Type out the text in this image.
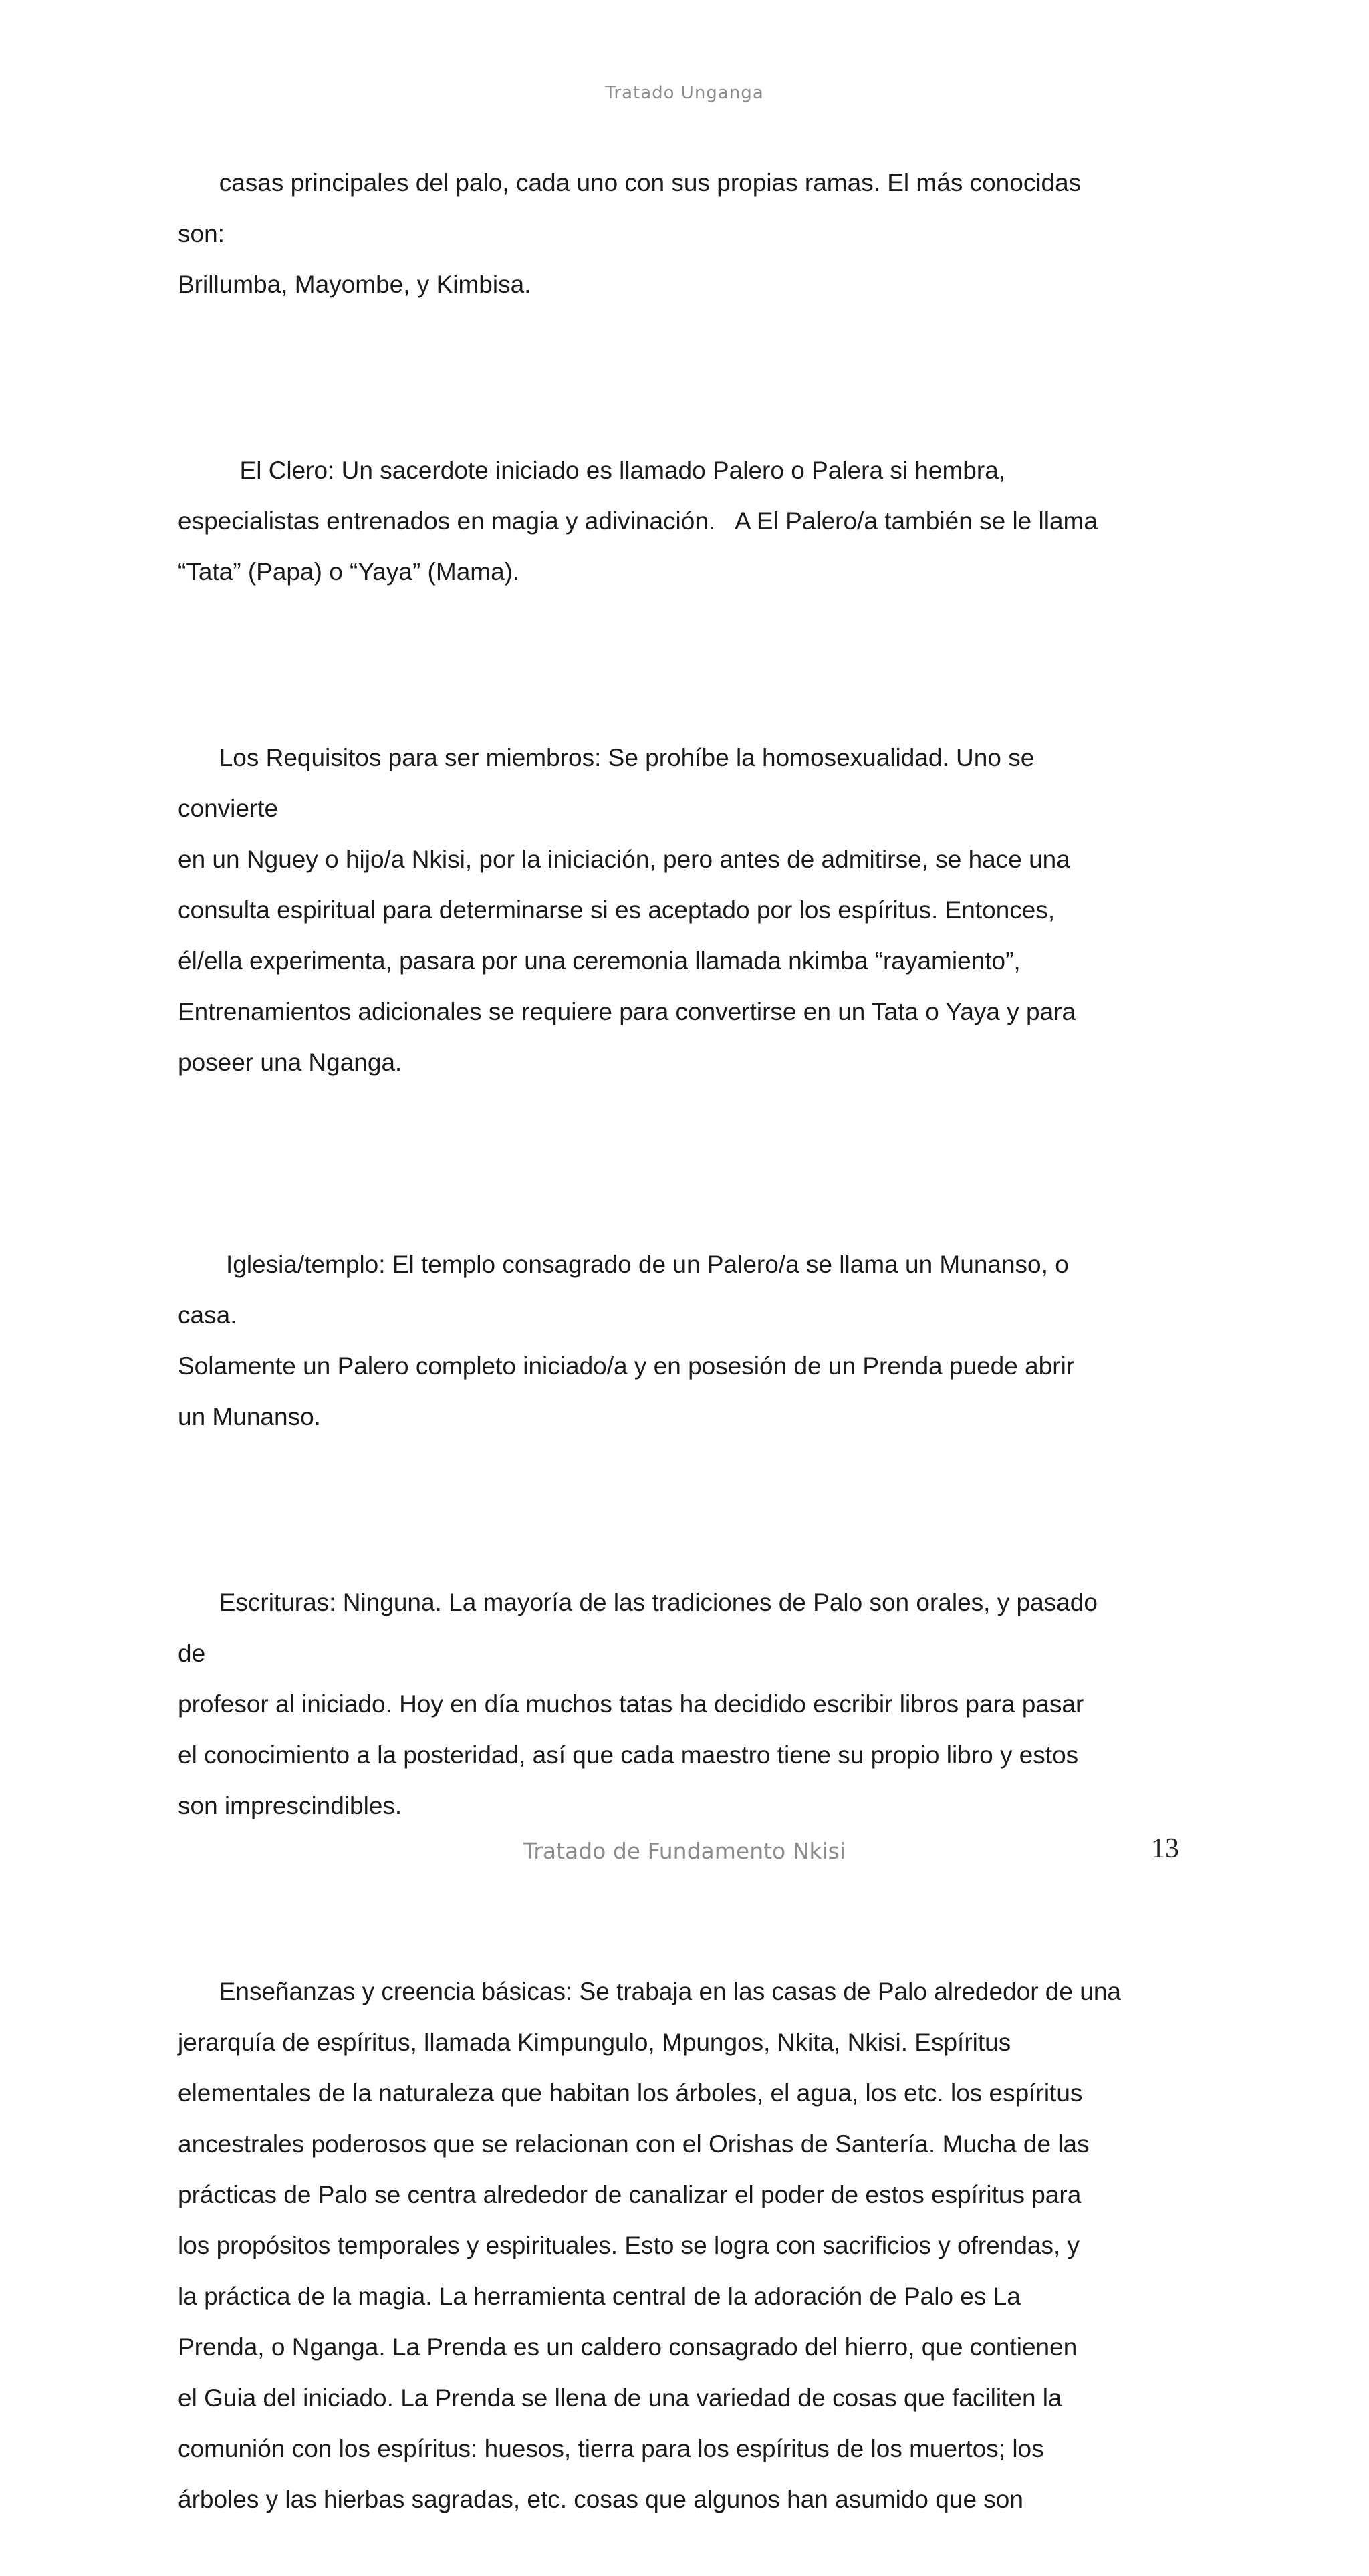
Tratado Unganga

casas principales del palo, cada uno con sus propias ramas. El más conocidas son:
Brillumba, Mayombe, y Kimbisa.

El Clero: Un sacerdote iniciado es llamado Palero o Palera si hembra,
especialistas entrenados en magia y adivinación.   A El Palero/a también se le llama
“Tata” (Papa) o “Yaya” (Mama).

Los Requisitos para ser miembros: Se prohíbe la homosexualidad. Uno se convierte
en un Nguey o hijo/a Nkisi, por la iniciación, pero antes de admitirse, se hace una
consulta espiritual para determinarse si es aceptado por los espíritus. Entonces,
él/ella experimenta, pasara por una ceremonia llamada nkimba “rayamiento”,
Entrenamientos adicionales se requiere para convertirse en un Tata o Yaya y para
poseer una Nganga.

Iglesia/templo: El templo consagrado de un Palero/a se llama un Munanso, o casa.
Solamente un Palero completo iniciado/a y en posesión de un Prenda puede abrir
un Munanso.

Escrituras: Ninguna. La mayoría de las tradiciones de Palo son orales, y pasado de
profesor al iniciado. Hoy en día muchos tatas ha decidido escribir libros para pasar
el conocimiento a la posteridad, así que cada maestro tiene su propio libro y estos
son imprescindibles.

Enseñanzas y creencia básicas: Se trabaja en las casas de Palo alrededor de una
jerarquía de espíritus, llamada Kimpungulo, Mpungos, Nkita, Nkisi. Espíritus
elementales de la naturaleza que habitan los árboles, el agua, los etc. los espíritus
ancestrales poderosos que se relacionan con el Orishas de Santería. Mucha de las
prácticas de Palo se centra alrededor de canalizar el poder de estos espíritus para
los propósitos temporales y espirituales. Esto se logra con sacrificios y ofrendas, y
la práctica de la magia. La herramienta central de la adoración de Palo es La
Prenda, o Nganga. La Prenda es un caldero consagrado del hierro, que contienen
el Guia del iniciado. La Prenda se llena de una variedad de cosas que faciliten la
comunión con los espíritus: huesos, tierra para los espíritus de los muertos; los
árboles y las hierbas sagradas, etc. cosas que algunos han asumido que son

Tratado de Fundamento Nkisi	13
